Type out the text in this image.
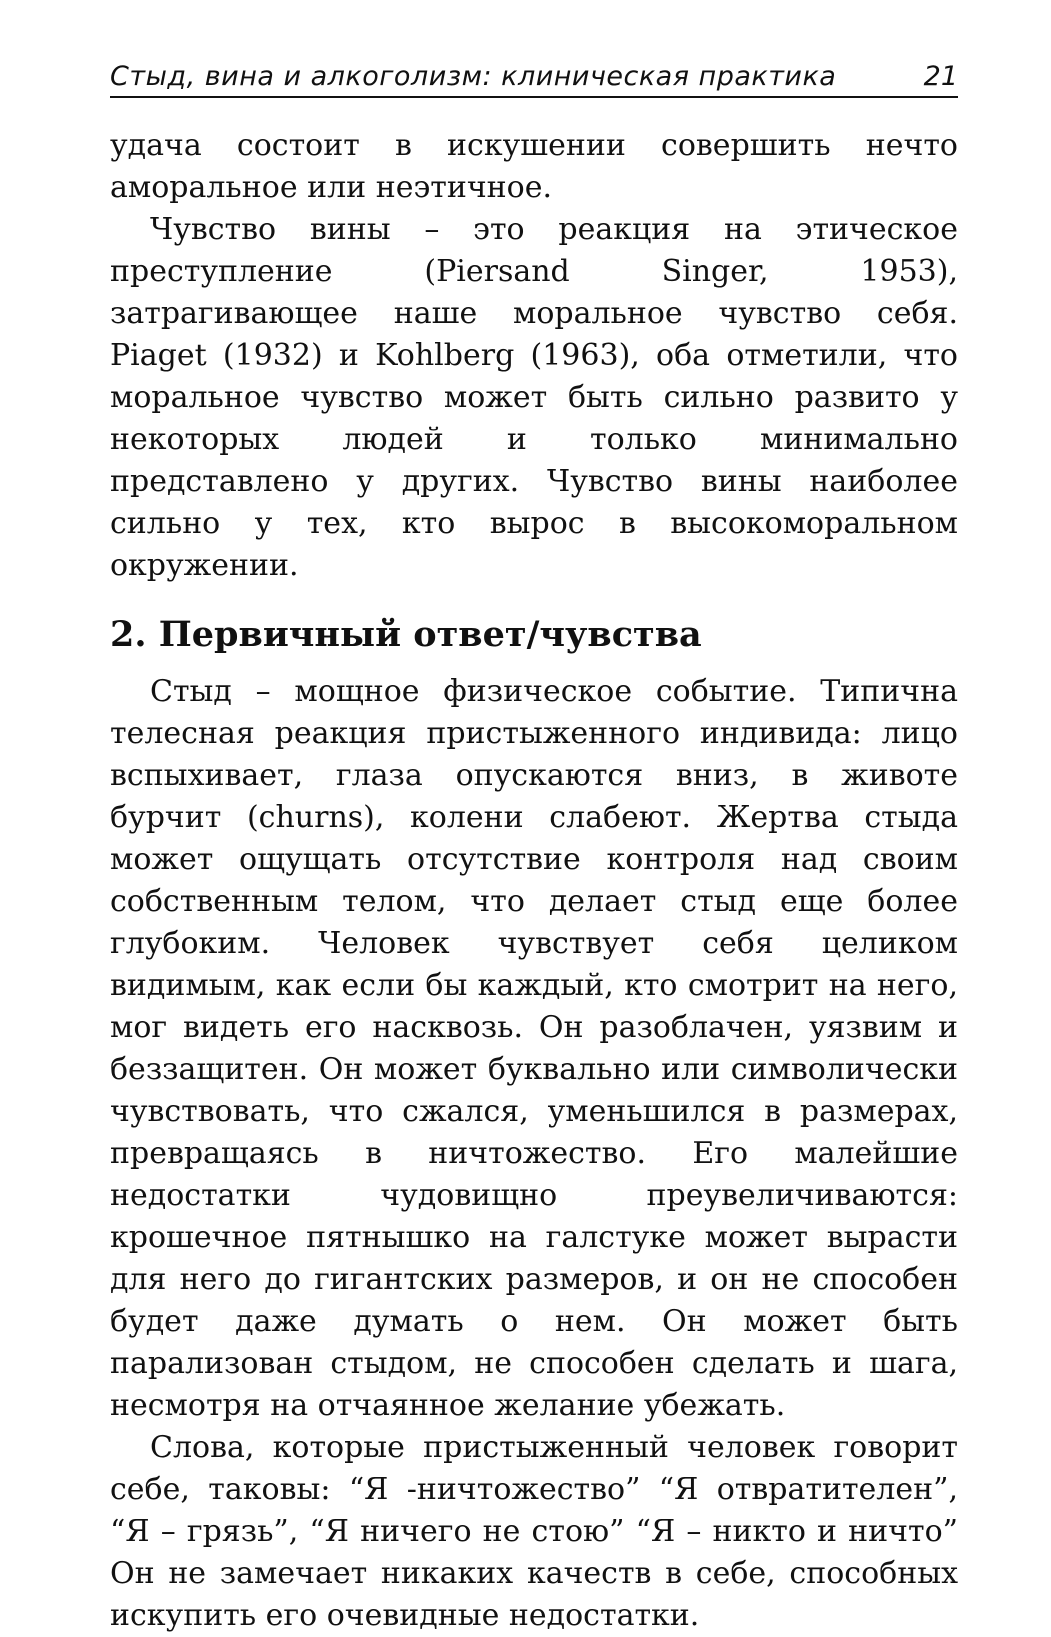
Стыд, вина и алкоголизм: клиническая практика	21

удача состоит в искушении совершить нечто аморальное или неэтичное.

Чувство вины – это реакция на этическое преступление (Piersand Singer, 1953), затрагивающее наше моральное чувство себя. Piaget (1932) и Kohlberg (1963), оба отметили, что моральное чувство может быть сильно развито у некоторых людей и только минимально представлено у других. Чувство вины наиболее сильно у тех, кто вырос в высокоморальном окружении.

2. Первичный ответ/чувства

Стыд – мощное физическое событие. Типична телесная реакция пристыженного индивида: лицо вспыхивает, глаза опускаются вниз, в животе бурчит (churns), колени слабеют. Жертва стыда может ощущать отсутствие контроля над своим собственным телом, что делает стыд еще более глубоким. Человек чувствует себя целиком видимым, как если бы каждый, кто смотрит на него, мог видеть его насквозь. Он разоблачен, уязвим и беззащитен. Он может буквально или символически чувствовать, что сжался, уменьшился в размерах, превращаясь в ничтожество. Его малейшие недостатки чудовищно преувеличиваются: крошечное пятнышко на галстуке может вырасти для него до гигантских размеров, и он не способен будет даже думать о нем. Он может быть парализован стыдом, не способен сделать и шага, несмотря на отчаянное желание убежать.

Слова, которые пристыженный человек говорит себе, таковы: “Я -ничтожество” “Я отвратителен”, “Я – грязь”, “Я ничего не стою” “Я – никто и ничто” Он не замечает никаких качеств в себе, способных искупить его очевидные недостатки.
